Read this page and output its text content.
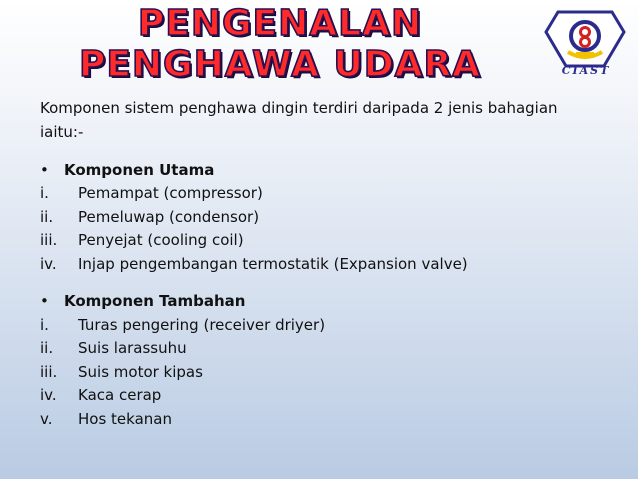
PENGENALAN
PENGHAWA UDARA	CIAST

Komponen sistem penghawa dingin terdiri daripada 2 jenis bahagian iaitu:-

•	Komponen Utama
i.	Pemampat (compressor)
ii.	Pemeluwap (condensor)
iii.	Penyejat (cooling coil)
iv.	Injap pengembangan termostatik (Expansion valve)
•	Komponen Tambahan
i.	Turas pengering (receiver driyer)
ii.	Suis larassuhu
iii.	Suis motor kipas
iv.	Kaca cerap
v.	Hos tekanan
